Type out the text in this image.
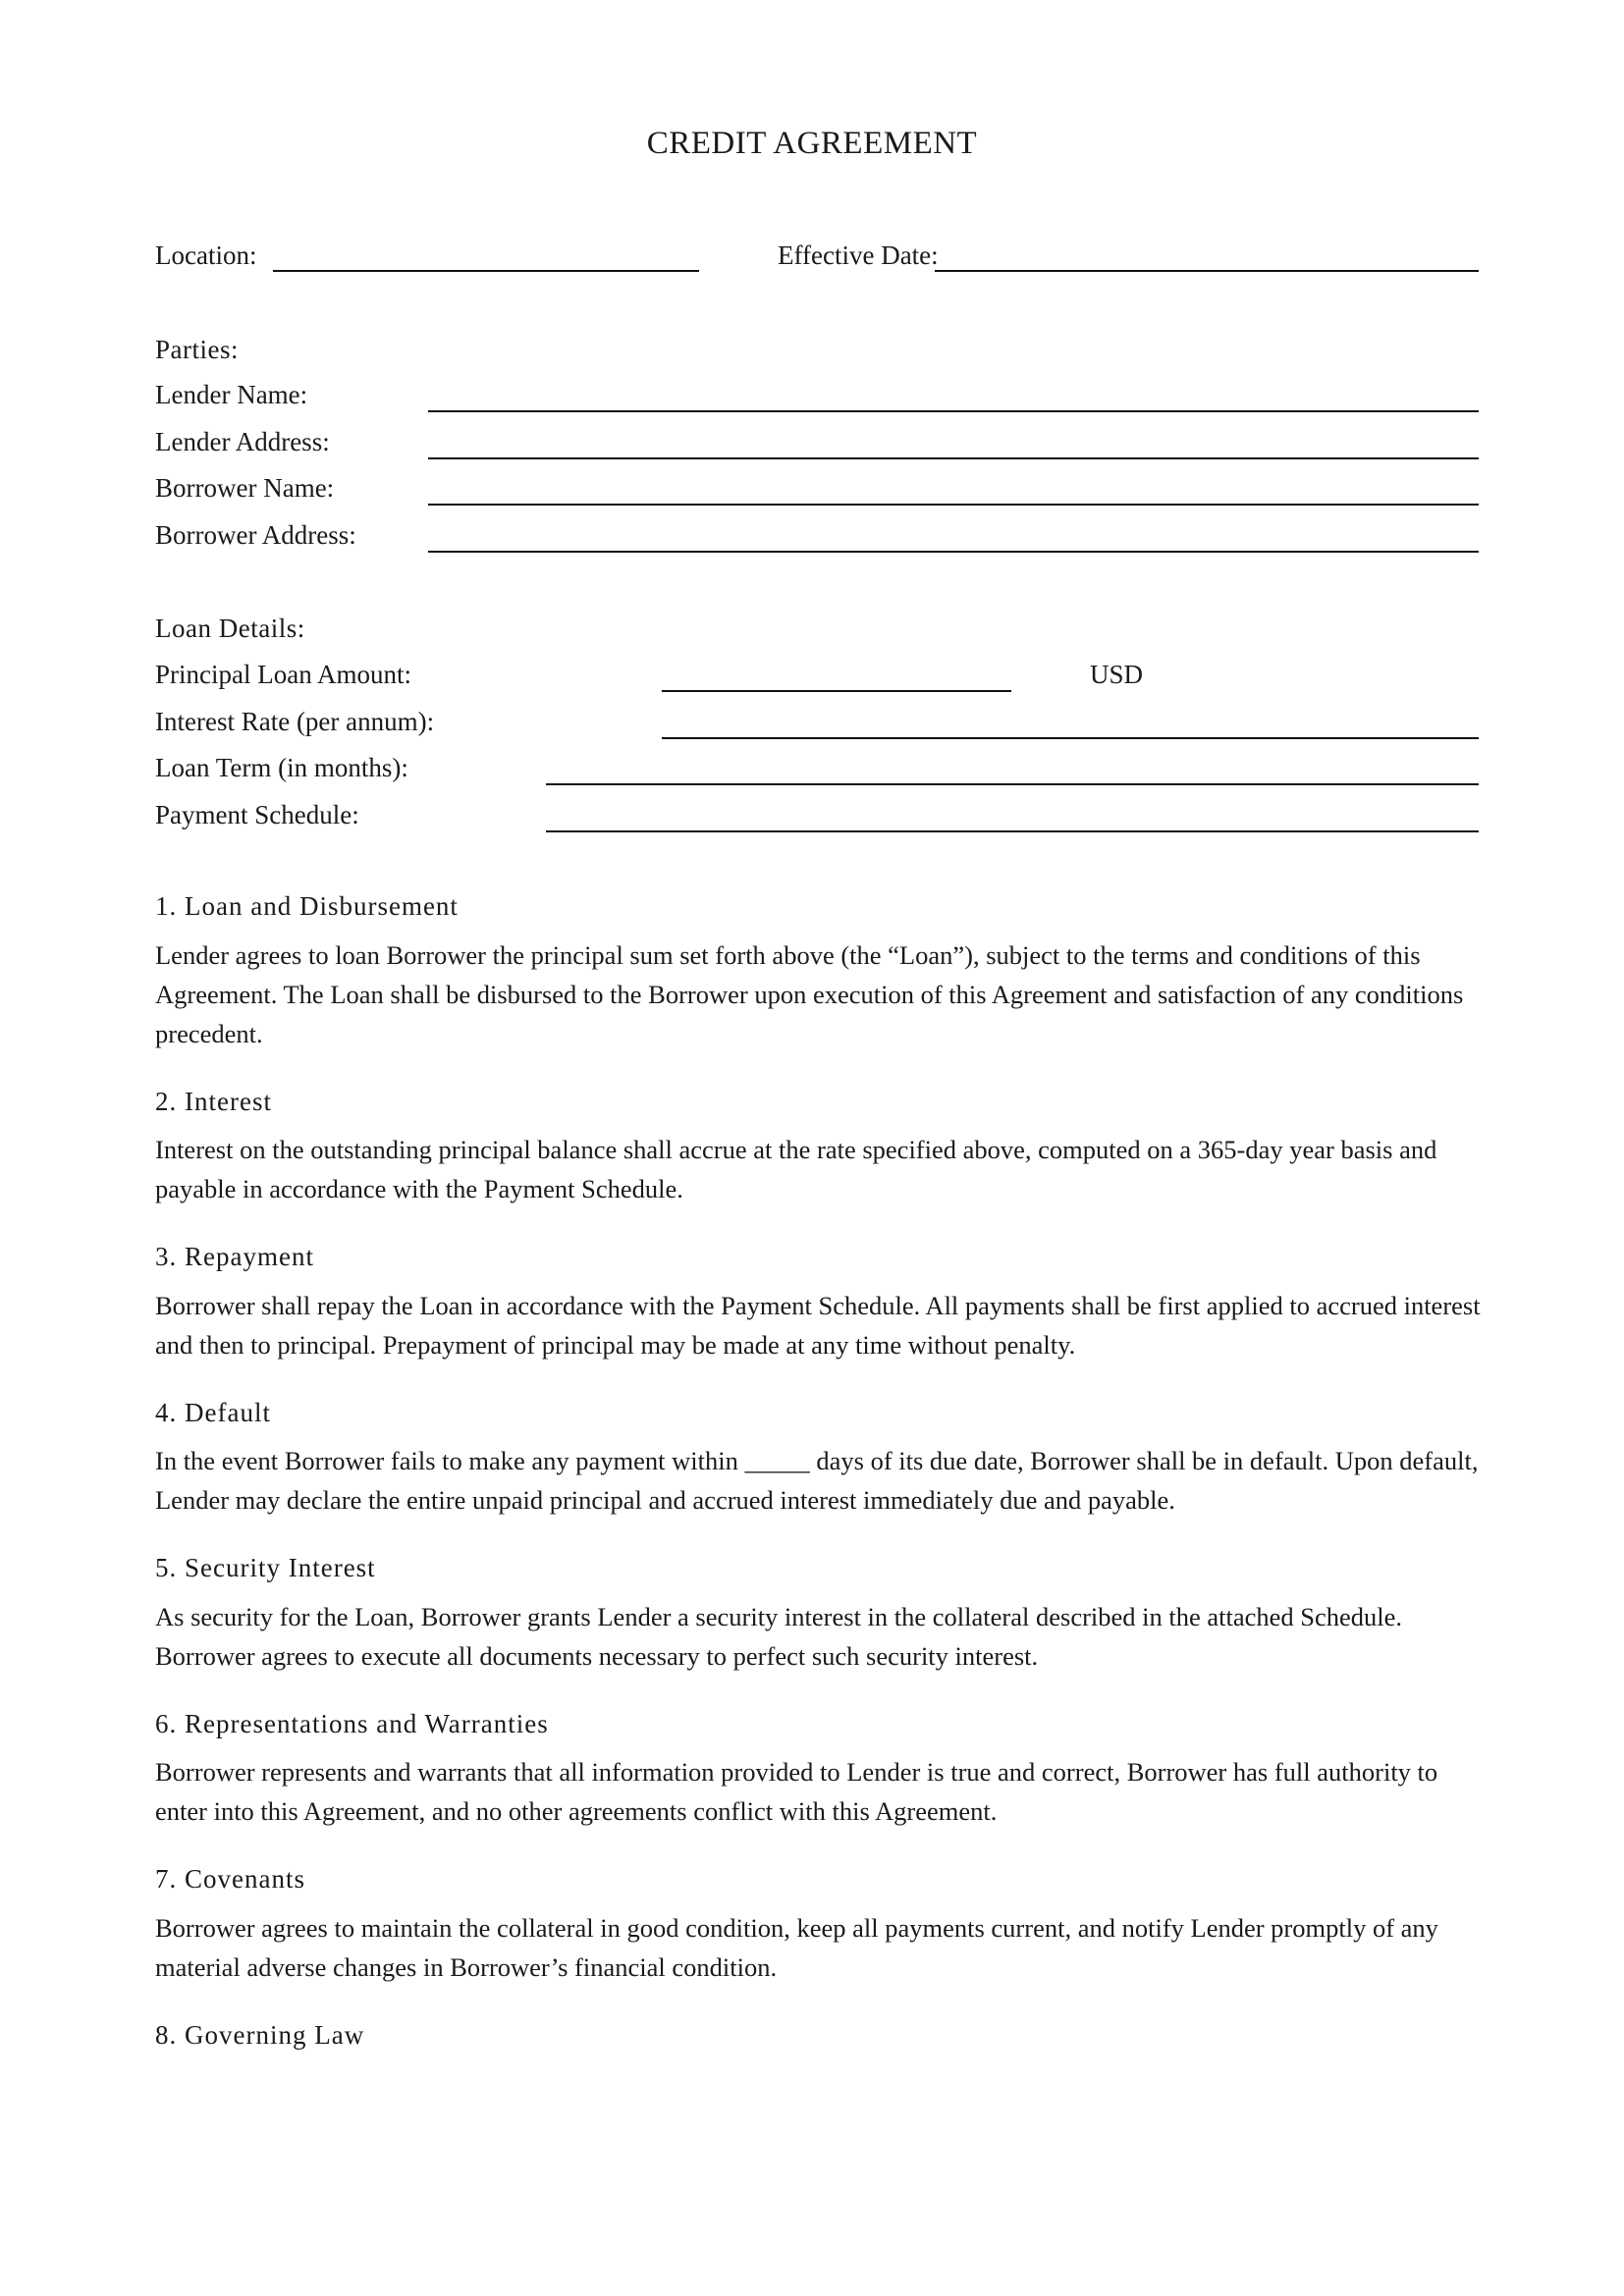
CREDIT AGREEMENT
Location:	Effective Date:
Parties:
Lender Name:
Lender Address:
Borrower Name:
Borrower Address:
Loan Details:
Principal Loan Amount:	USD
Interest Rate (per annum):
Loan Term (in months):
Payment Schedule:
1. Loan and Disbursement
Lender agrees to loan Borrower the principal sum set forth above (the “Loan”), subject to the terms and conditions of this Agreement. The Loan shall be disbursed to the Borrower upon execution of this Agreement and satisfaction of any conditions precedent.
2. Interest
Interest on the outstanding principal balance shall accrue at the rate specified above, computed on a 365-day year basis and payable in accordance with the Payment Schedule.
3. Repayment
Borrower shall repay the Loan in accordance with the Payment Schedule. All payments shall be first applied to accrued interest and then to principal. Prepayment of principal may be made at any time without penalty.
4. Default
In the event Borrower fails to make any payment within _____ days of its due date, Borrower shall be in default. Upon default, Lender may declare the entire unpaid principal and accrued interest immediately due and payable.
5. Security Interest
As security for the Loan, Borrower grants Lender a security interest in the collateral described in the attached Schedule. Borrower agrees to execute all documents necessary to perfect such security interest.
6. Representations and Warranties
Borrower represents and warrants that all information provided to Lender is true and correct, Borrower has full authority to enter into this Agreement, and no other agreements conflict with this Agreement.
7. Covenants
Borrower agrees to maintain the collateral in good condition, keep all payments current, and notify Lender promptly of any material adverse changes in Borrower’s financial condition.
8. Governing Law
